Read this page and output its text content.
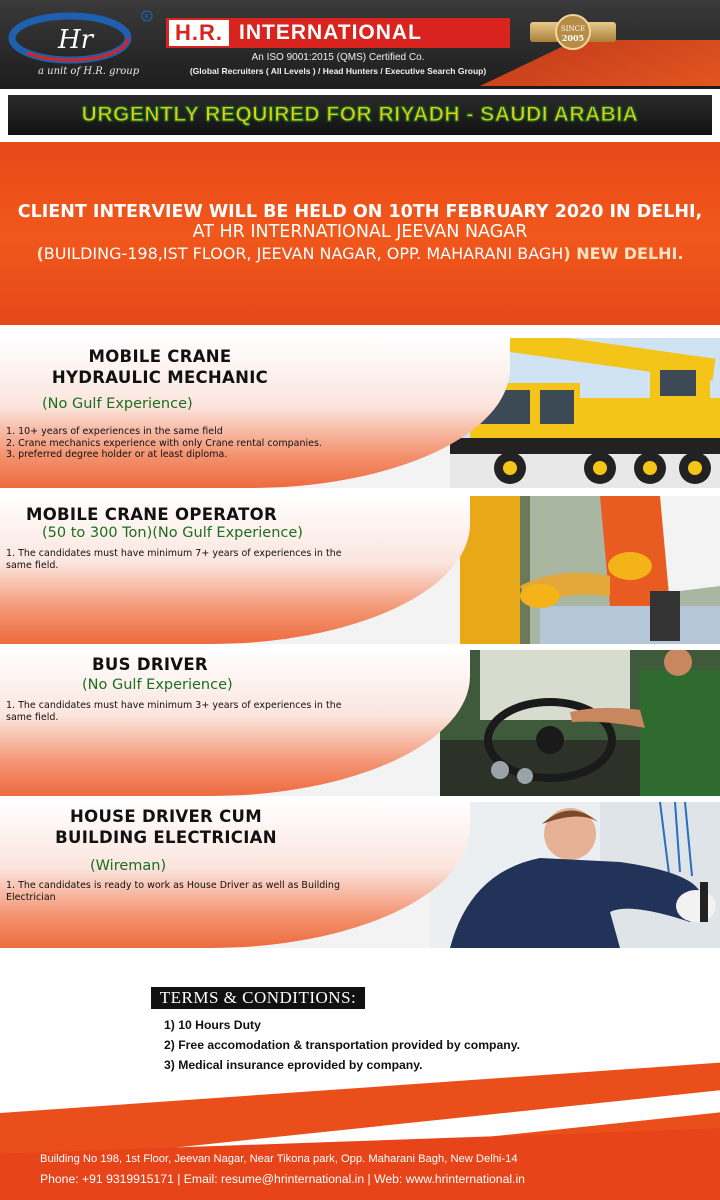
Hr
R
a unit of H.R. group
H.R. INTERNATIONAL
An ISO 9001:2015 (QMS) Certified Co.
(Global Recruiters ( All Levels ) / Head Hunters / Executive Search Group)
SINCE
2005
URGENTLY REQUIRED FOR RIYADH - SAUDI ARABIA
CLIENT INTERVIEW WILL BE HELD ON 10TH FEBRUARY 2020 IN DELHI,
AT HR INTERNATIONAL JEEVAN NAGAR
(BUILDING-198,IST FLOOR, JEEVAN NAGAR, OPP. MAHARANI BAGH) NEW DELHI.
MOBILE CRANE
HYDRAULIC MECHANIC
(No Gulf Experience)
1. 10+ years of experiences in the same field
2. Crane mechanics experience with only Crane rental companies.
3. preferred degree holder or at least diploma.
MOBILE CRANE OPERATOR
(50 to 300 Ton)(No Gulf Experience)
1. The candidates must have minimum 7+ years of experiences in the
same field.
BUS DRIVER
(No Gulf Experience)
1. The candidates must have minimum 3+ years of experiences in the
same field.
HOUSE DRIVER CUM
BUILDING ELECTRICIAN
(Wireman)
1. The candidates is ready to work as House Driver as well as Building
Electrician
TERMS & CONDITIONS:
1) 10 Hours Duty
2) Free accomodation & transportation provided by company.
3) Medical insurance eprovided by company.
Building No 198, 1st Floor, Jeevan Nagar, Near Tikona park, Opp. Maharani Bagh, New Delhi-14
Phone: +91 9319915171 | Email: resume@hrinternational.in | Web: www.hrinternational.in
